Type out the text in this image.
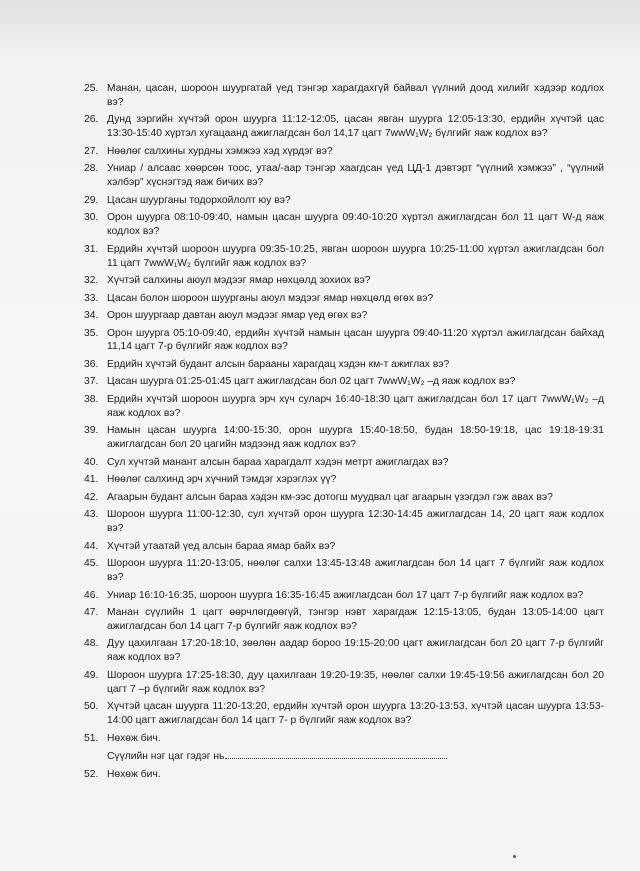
25. Манан, цасан, шороон шуургатай үед тэнгэр харагдахгүй байвал үүлний доод хилийг хэдээр кодлох вэ?
26. Дунд зэргийн хүчтэй орон шуурга 11:12-12:05, цасан явган шуурга 12:05-13:30, ердийн хүчтэй цас 13:30-15:40 хүртэл хугацаанд ажиглагдсан бол 14,17 цагт 7wwW₁W₂ бүлгийг яаж кодлох вэ?
27. Нөөлөг салхины хурдны хэмжээ хэд хүрдэг вэ?
28. Униар / алсаас хөөрсөн тоос, утаа/-аар тэнгэр хаагдсан үед ЦД-1 дэвтэрт “үүлний хэмжээ” , “үүлний хэлбэр” хүснэгтэд яаж бичих вэ?
29. Цасан шуурганы тодорхойлолт юу вэ?
30. Орон шуурга 08:10-09:40, намын цасан шуурга 09:40-10:20 хүртэл ажиглагдсан бол 11 цагт W-д яаж кодлох вэ?
31. Ердийн хүчтэй шороон шуурга 09:35-10:25, явган шороон шуурга 10:25-11:00 хүртэл ажиглагдсан бол 11 цагт 7wwW₁W₂ бүлгийг яаж кодлох вэ?
32. Хүчтэй салхины аюул мэдээг ямар нөхцөлд зохиох вэ?
33. Цасан болон шороон шуурганы аюул мэдээг ямар нөхцөлд өгөх вэ?
34. Орон шуургаар давтан аюул мэдээг ямар үед өгөх вэ?
35. Орон шуурга 05:10-09:40, ердийн хүчтэй намын цасан шуурга 09:40-11:20 хүртэл ажиглагдсан байхад 11,14 цагт 7-р бүлгийг яаж кодлох вэ?
36. Ердийн хүчтэй будант алсын барааны харагдац хэдэн км-т ажиглах вэ?
37. Цасан шуурга 01:25-01:45 цагт ажиглагдсан бол 02 цагт 7wwW₁W₂ –д яаж кодлох вэ?
38. Ердийн хүчтэй шороон шуурга эрч хүч суларч 16:40-18:30 цагт ажиглагдсан бол 17 цагт 7wwW₁W₂ –д яаж кодлох вэ?
39. Намын цасан шуурга 14:00-15:30, орон шуурга 15:40-18:50, будан 18:50-19:18, цас 19:18-19:31 ажиглагдсан бол 20 цагийн мэдээнд яаж кодлох вэ?
40. Сул хүчтэй манант алсын бараа харагдалт хэдэн метрт ажиглагдах вэ?
41. Нөөлөг салхинд эрч хүчний тэмдэг хэрэглэх үү?
42. Агаарын будант алсын бараа хэдэн км-ээс дотогш муудвал цаг агаарын үзэгдэл гэж авах вэ?
43. Шороон шуурга 11:00-12:30, сул хүчтэй орон шуурга 12:30-14:45 ажиглагдсан 14, 20 цагт яаж кодлох вэ?
44. Хүчтэй утаатай үед алсын бараа ямар байх вэ?
45. Шороон шуурга 11:20-13:05, нөөлөг салхи 13:45-13:48 ажиглагдсан бол 14 цагт 7 бүлгийг яаж кодлох вэ?
46. Униар 16:10-16:35, шороон шуурга 16:35-16:45 ажиглагдсан бол 17 цагт 7-р бүлгийг яаж кодлох вэ?
47. Манан сүүлийн 1 цагт өөрчлөгдөөгүй, тэнгэр нэвт харагдаж 12:15-13:05, будан 13:05-14:00 цагт ажиглагдсан бол 14 цагт 7-р бүлгийг яаж кодлох вэ?
48. Дуу цахилгаан 17:20-18:10, зөөлөн аадар бороо 19:15-20:00 цагт ажиглагдсан бол 20 цагт 7-р бүлгийг яаж кодлох вэ?
49. Шороон шуурга 17:25-18:30, дуу цахилгаан 19:20-19:35, нөөлөг салхи 19:45-19:56 ажиглагдсан бол 20 цагт 7 –р бүлгийг яаж кодлох вэ?
50. Хүчтэй цасан шуурга 11:20-13:20, ердийн хүчтэй орон шуурга 13:20-13:53, хүчтэй цасан шуурга 13:53-14:00 цагт ажиглагдсан бол 14 цагт 7- р бүлгийг яаж кодлох вэ?
51. Нөхөж бич.
Сүүлийн нэг цаг гэдэг нь
52. Нөхөж бич.
